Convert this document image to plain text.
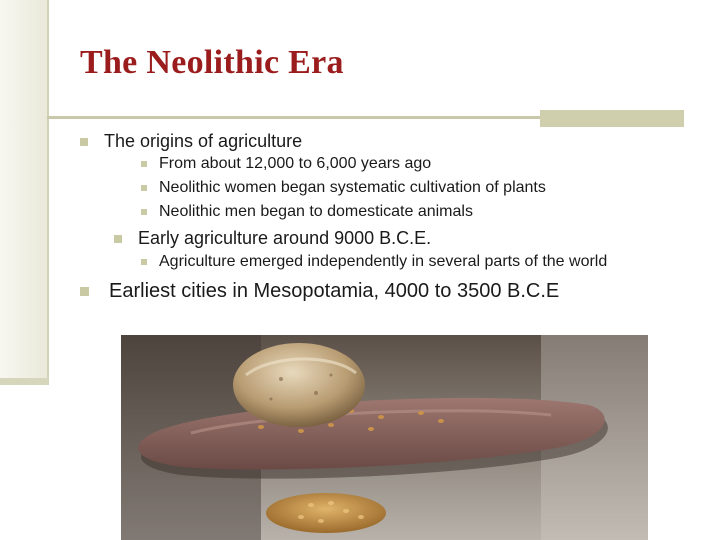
The Neolithic Era
The origins of agriculture
From about 12,000 to 6,000 years ago
Neolithic women began systematic cultivation of plants
Neolithic men began to domesticate animals
Early agriculture around 9000 B.C.E.
Agriculture emerged independently in several parts of the world
Earliest cities in Mesopotamia, 4000 to 3500 B.C.E
